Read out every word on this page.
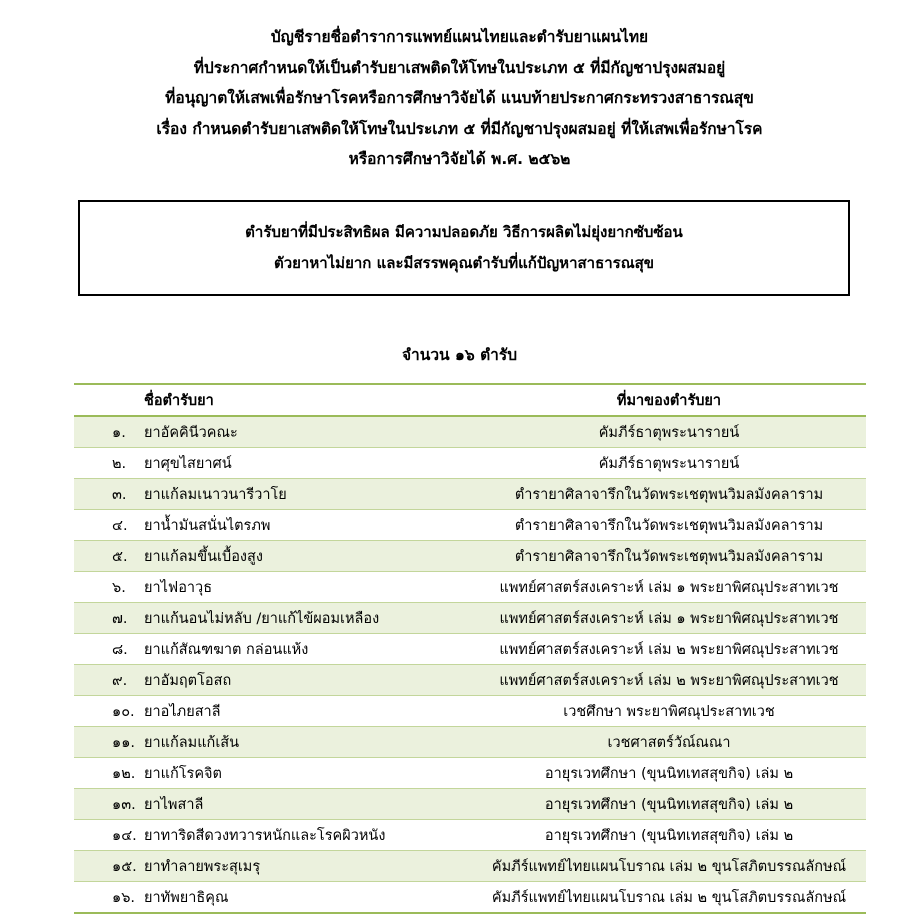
บัญชีรายชื่อตำราการแพทย์แผนไทยและตำรับยาแผนไทย
ที่ประกาศกำหนดให้เป็นตำรับยาเสพติดให้โทษในประเภท ๕ ที่มีกัญชาปรุงผสมอยู่
ที่อนุญาตให้เสพเพื่อรักษาโรคหรือการศึกษาวิจัยได้ แนบท้ายประกาศกระทรวงสาธารณสุข
เรื่อง กำหนดตำรับยาเสพติดให้โทษในประเภท ๕ ที่มีกัญชาปรุงผสมอยู่ ที่ให้เสพเพื่อรักษาโรค
หรือการศึกษาวิจัยได้ พ.ศ. ๒๕๖๒
ตำรับยาที่มีประสิทธิผล มีความปลอดภัย วิธีการผลิตไม่ยุ่งยากซับซ้อน
ตัวยาหาไม่ยาก และมีสรรพคุณตำรับที่แก้ปัญหาสาธารณสุข
จำนวน ๑๖ ตำรับ
ชื่อตำรับยา	ที่มาของตำรับยา
๑. ยาอัคคินีวคณะ	คัมภีร์ธาตุพระนารายน์
๒. ยาศุขไสยาศน์	คัมภีร์ธาตุพระนารายน์
๓. ยาแก้ลมเนาวนารีวาโย	ตำรายาศิลาจารึกในวัดพระเชตุพนวิมลมังคลาราม
๔. ยาน้ำมันสนั่นไตรภพ	ตำรายาศิลาจารึกในวัดพระเชตุพนวิมลมังคลาราม
๕. ยาแก้ลมขึ้นเบื้องสูง	ตำรายาศิลาจารึกในวัดพระเชตุพนวิมลมังคลาราม
๖. ยาไฟอาวุธ	แพทย์ศาสตร์สงเคราะห์ เล่ม ๑ พระยาพิศณุประสาทเวช
๗. ยาแก้นอนไม่หลับ /ยาแก้ไข้ผอมเหลือง	แพทย์ศาสตร์สงเคราะห์ เล่ม ๑ พระยาพิศณุประสาทเวช
๘. ยาแก้สัณฑฆาต กล่อนแห้ง	แพทย์ศาสตร์สงเคราะห์ เล่ม ๒ พระยาพิศณุประสาทเวช
๙. ยาอัมฤตโอสถ	แพทย์ศาสตร์สงเคราะห์ เล่ม ๒ พระยาพิศณุประสาทเวช
๑๐. ยาอไภยสาลี	เวชศึกษา พระยาพิศณุประสาทเวช
๑๑. ยาแก้ลมแก้เส้น	เวชศาสตร์วัณ์ณณา
๑๒. ยาแก้โรคจิต	อายุรเวทศึกษา (ขุนนิทเทสสุขกิจ) เล่ม ๒
๑๓. ยาไพสาลี	อายุรเวทศึกษา (ขุนนิทเทสสุขกิจ) เล่ม ๒
๑๔. ยาทาริดสีดวงทวารหนักและโรคผิวหนัง	อายุรเวทศึกษา (ขุนนิทเทสสุขกิจ) เล่ม ๒
๑๕. ยาทำลายพระสุเมรุ	คัมภีร์แพทย์ไทยแผนโบราณ เล่ม ๒ ขุนโสภิตบรรณลักษณ์
๑๖. ยาทัพยาธิคุณ	คัมภีร์แพทย์ไทยแผนโบราณ เล่ม ๒ ขุนโสภิตบรรณลักษณ์
